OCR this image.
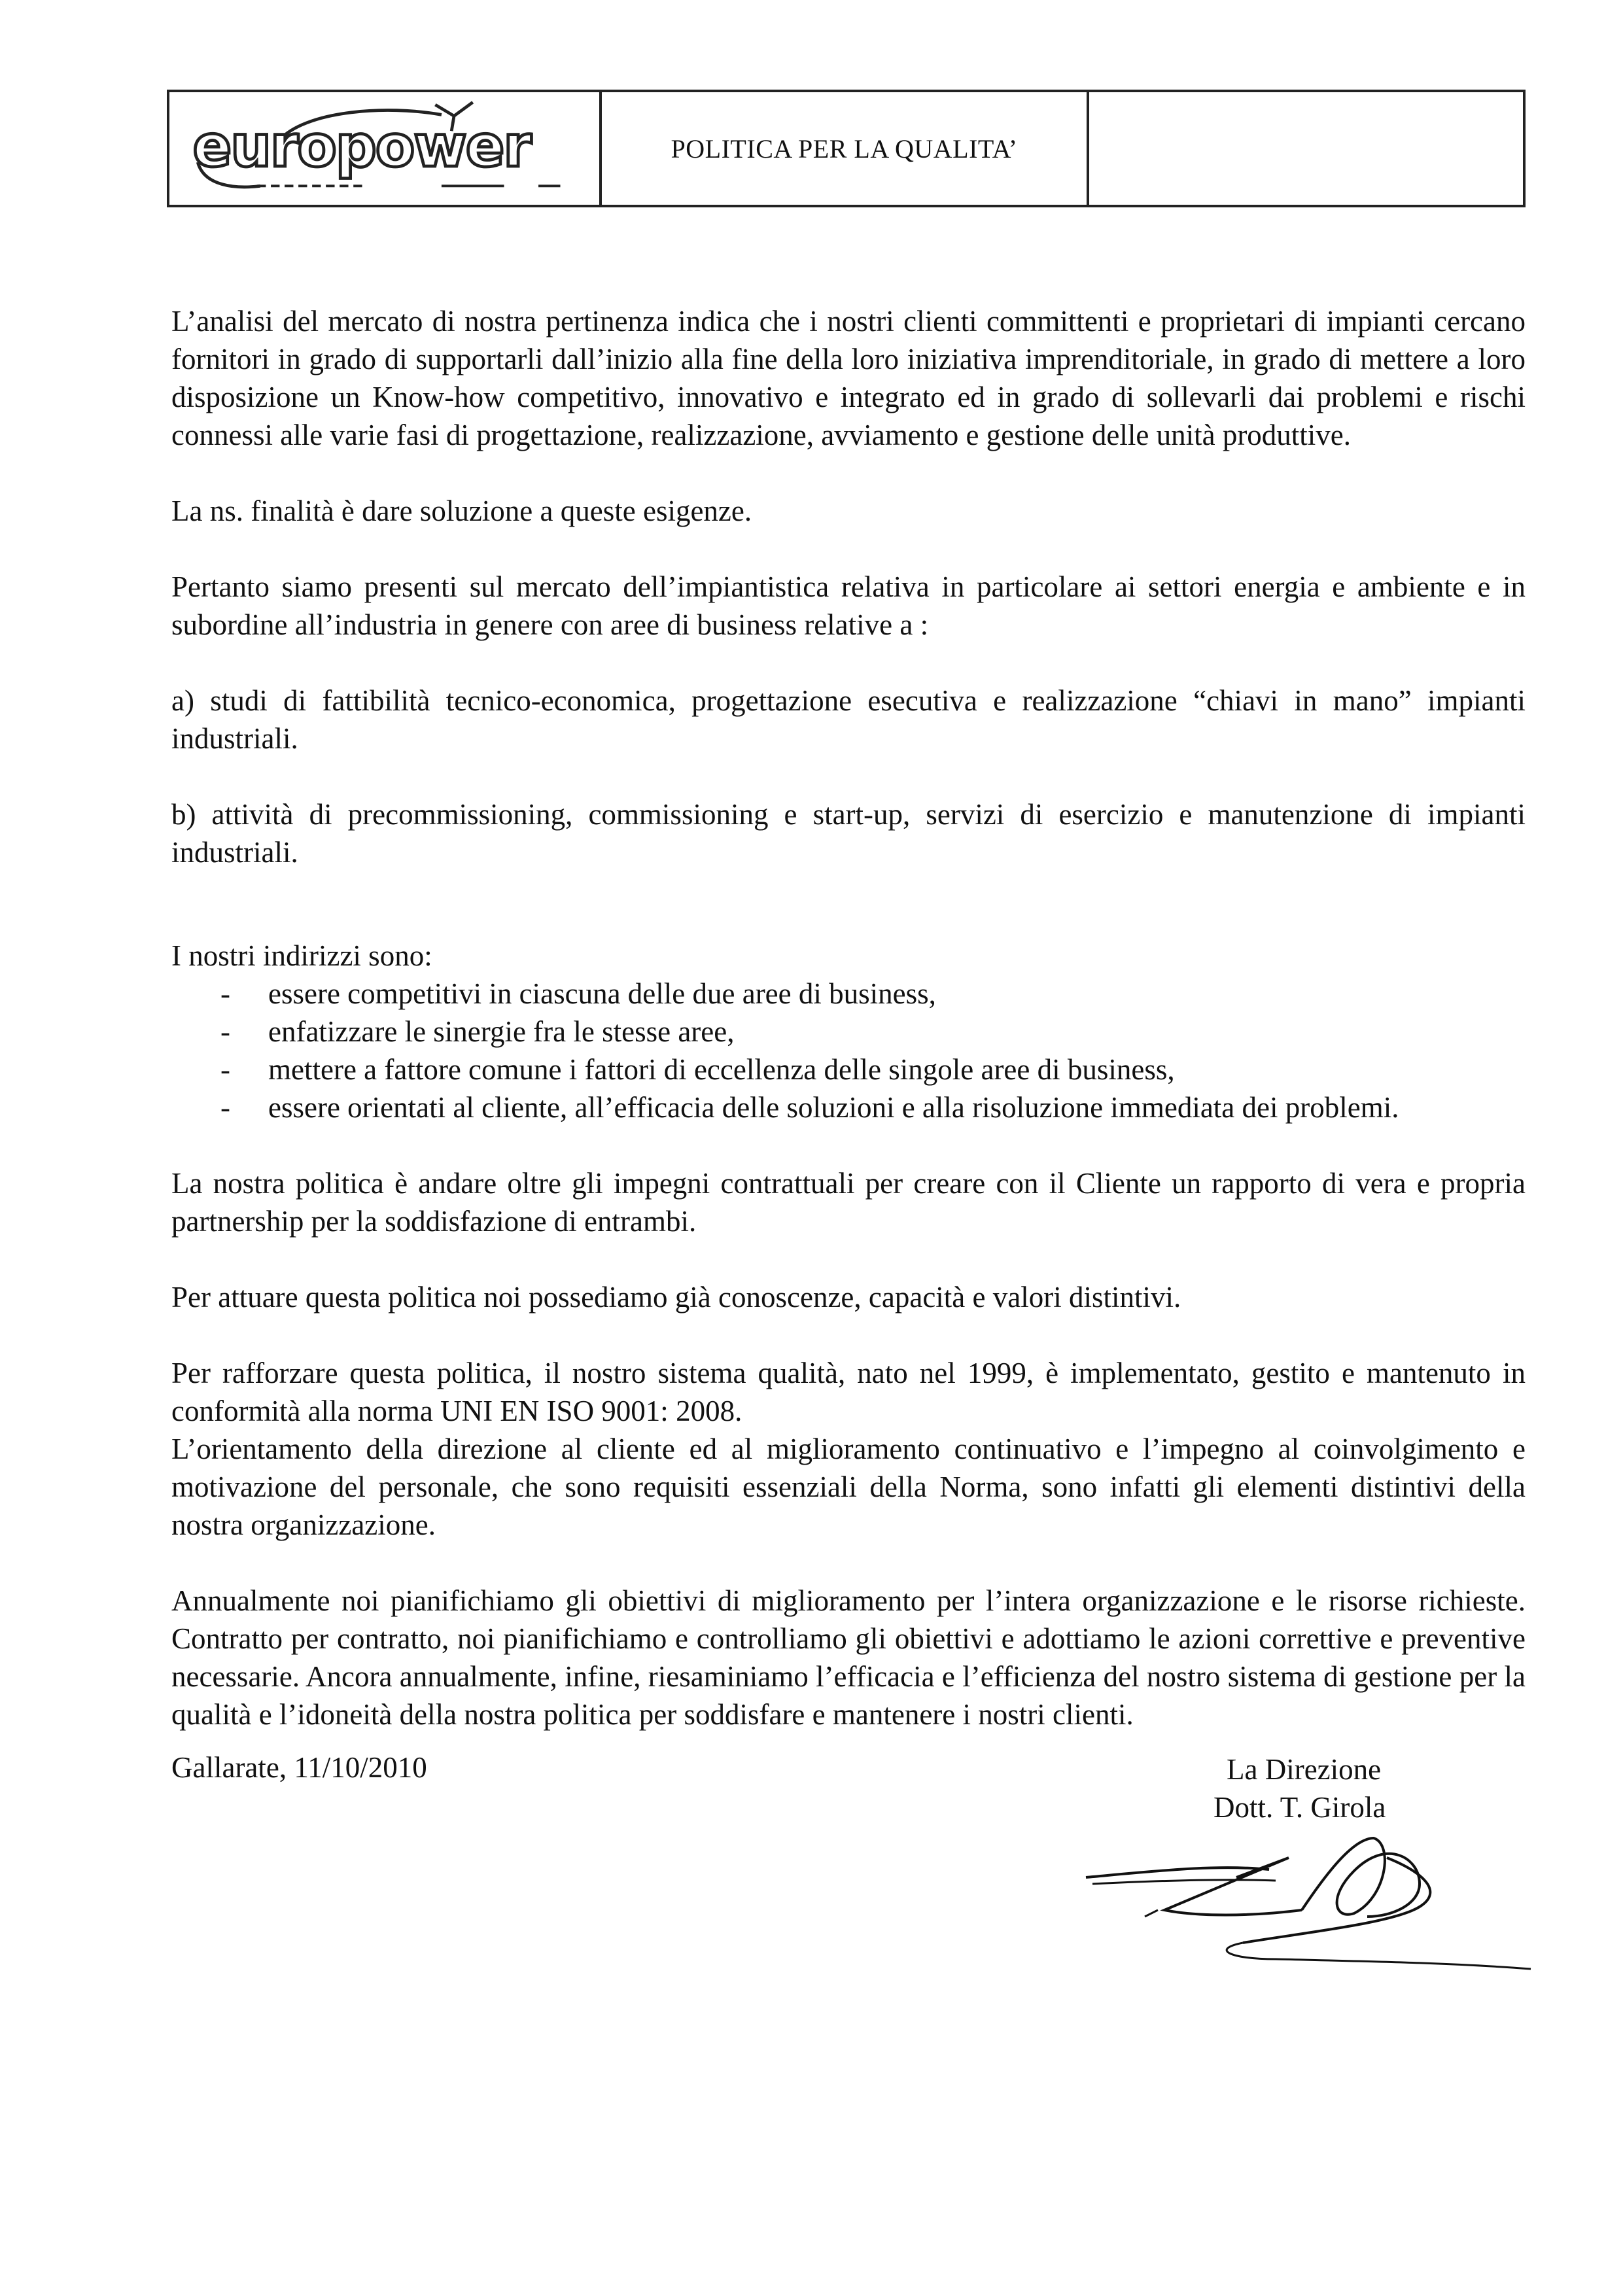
europower	POLITICA PER LA QUALITA’

L’analisi del mercato di nostra pertinenza indica che i nostri clienti committenti e proprietari di impianti cercano fornitori in grado di supportarli dall’inizio alla fine della loro iniziativa imprenditoriale, in grado di mettere a loro disposizione un Know-how competitivo, innovativo e integrato ed in grado di sollevarli dai problemi e rischi connessi alle varie fasi di progettazione, realizzazione, avviamento e gestione delle unità produttive.

La ns. finalità è dare soluzione a queste esigenze.

Pertanto siamo presenti sul mercato dell’impiantistica relativa in particolare ai settori energia e ambiente e in subordine all’industria in genere con aree di business relative a :

a) studi di fattibilità tecnico-economica, progettazione esecutiva e realizzazione “chiavi in mano” impianti industriali.

b) attività di precommissioning, commissioning e start-up, servizi di esercizio e manutenzione di impianti industriali.

I nostri indirizzi sono:

- essere competitivi in ciascuna delle due aree di business,
- enfatizzare le sinergie fra le stesse aree,
- mettere a fattore comune i fattori di eccellenza delle singole aree di business,
- essere orientati al cliente, all’efficacia delle soluzioni e alla risoluzione immediata dei problemi.

La nostra politica è andare oltre gli impegni contrattuali per creare con il Cliente un rapporto di vera e propria partnership per la soddisfazione di entrambi.

Per attuare questa politica noi possediamo già conoscenze, capacità e valori distintivi.

Per rafforzare questa politica, il nostro sistema qualità, nato nel 1999, è implementato, gestito e mantenuto in conformità alla norma UNI EN ISO 9001: 2008.

L’orientamento della direzione al cliente ed al miglioramento continuativo e l’impegno al coinvolgimento e motivazione del personale, che sono requisiti essenziali della Norma, sono infatti gli elementi distintivi della nostra organizzazione.

Annualmente noi pianifichiamo gli obiettivi di miglioramento per l’intera organizzazione e le risorse richieste. Contratto per contratto, noi pianifichiamo e controlliamo gli obiettivi e adottiamo le azioni correttive e preventive necessarie. Ancora annualmente, infine, riesaminiamo l’efficacia e l’efficienza del nostro sistema di gestione per la qualità e l’idoneità della nostra politica per soddisfare e mantenere i nostri clienti.

Gallarate, 11/10/2010	La Direzione
Dott. T. Girola
